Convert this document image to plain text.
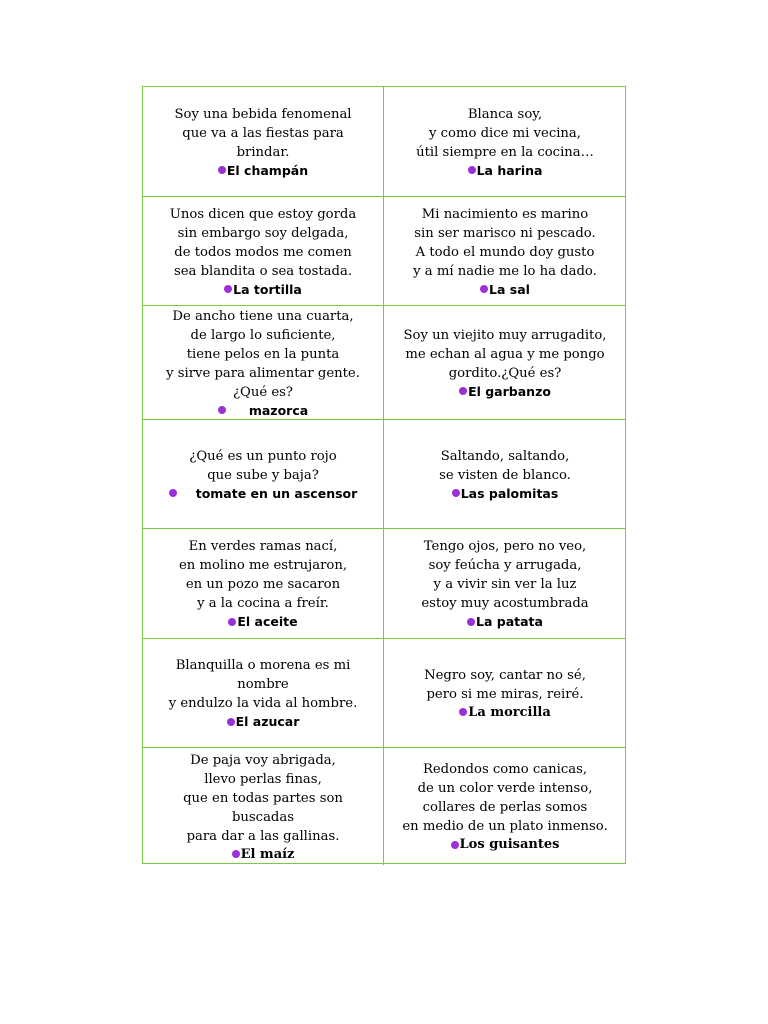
Soy una bebida fenomenal
que va a las fiestas para
brindar.
El champán
Blanca soy,
y como dice mi vecina,
útil siempre en la cocina…
La harina
Unos dicen que estoy gorda
sin embargo soy delgada,
de todos modos me comen
sea blandita o sea tostada.
La tortilla
Mi nacimiento es marino
sin ser marisco ni pescado.
A todo el mundo doy gusto
y a mí nadie me lo ha dado.
La sal
De ancho tiene una cuarta,
de largo lo suficiente,
tiene pelos en la punta
y sirve para alimentar gente.
¿Qué es?
mazorca
Soy un viejito muy arrugadito,
me echan al agua y me pongo
gordito.¿Qué es?
El garbanzo
¿Qué es un punto rojo
que sube y baja?
tomate en un ascensor
Saltando, saltando,
se visten de blanco.
Las palomitas
En verdes ramas nací,
en molino me estrujaron,
en un pozo me sacaron
y a la cocina a freír.
El aceite
Tengo ojos, pero no veo,
soy feúcha y arrugada,
y a vivir sin ver la luz
estoy muy acostumbrada
La patata
Blanquilla o morena es mi
nombre
y endulzo la vida al hombre.
El azucar
Negro soy, cantar no sé,
pero si me miras, reiré.
La morcilla
De paja voy abrigada,
llevo perlas finas,
que en todas partes son
buscadas
para dar a las gallinas.
El maíz
Redondos como canicas,
de un color verde intenso,
collares de perlas somos
en medio de un plato inmenso.
Los guisantes
